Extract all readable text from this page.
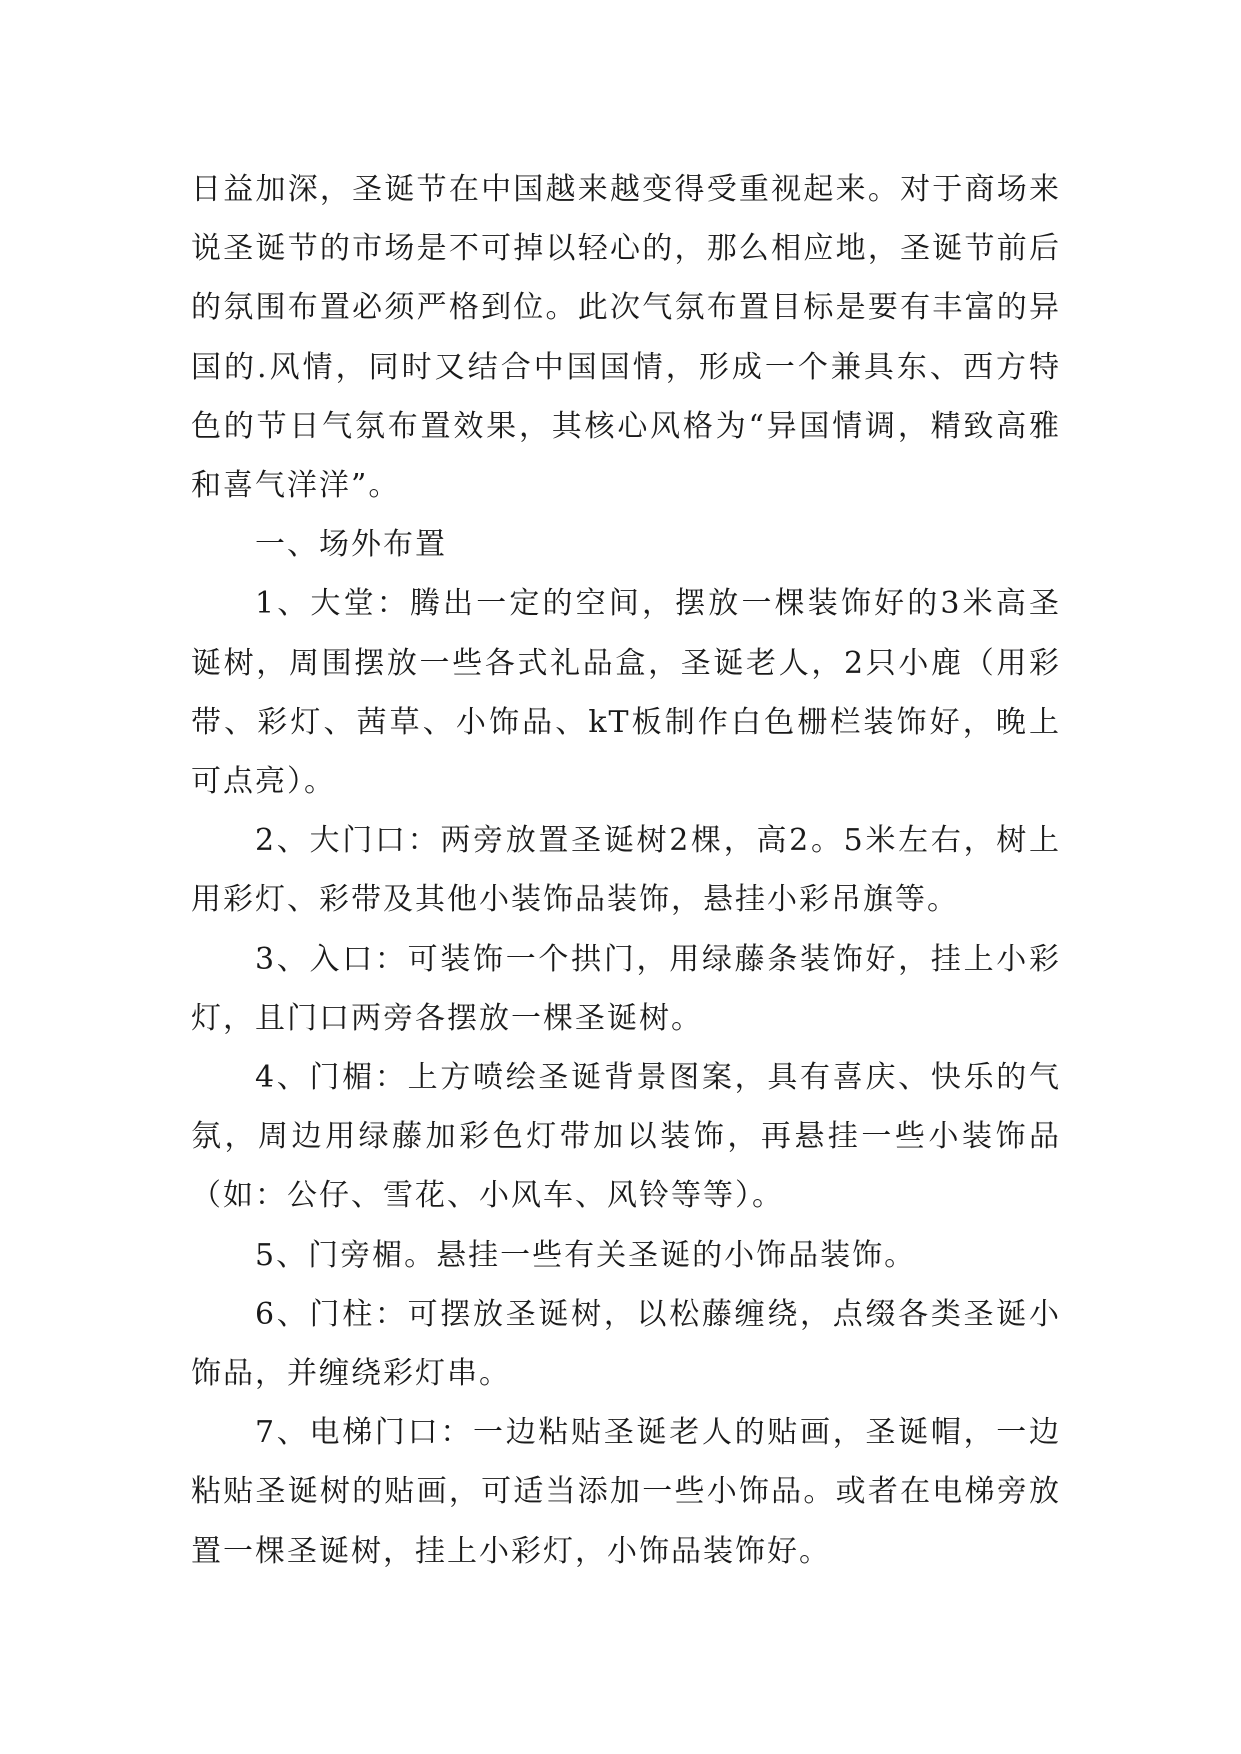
日益加深，圣诞节在中国越来越变得受重视起来。对于商场来说圣诞节的市场是不可掉以轻心的，那么相应地，圣诞节前后的氛围布置必须严格到位。此次气氛布置目标是要有丰富的异国的.风情，同时又结合中国国情，形成一个兼具东、西方特色的节日气氛布置效果，其核心风格为“异国情调，精致高雅和喜气洋洋”。

一、场外布置

1、大堂：腾出一定的空间，摆放一棵装饰好的3米高圣诞树，周围摆放一些各式礼品盒，圣诞老人，2只小鹿（用彩带、彩灯、茜草、小饰品、kT板制作白色栅栏装饰好，晚上可点亮）。

2、大门口：两旁放置圣诞树2棵，高2。5米左右，树上用彩灯、彩带及其他小装饰品装饰，悬挂小彩吊旗等。

3、入口：可装饰一个拱门，用绿藤条装饰好，挂上小彩灯，且门口两旁各摆放一棵圣诞树。

4、门楣：上方喷绘圣诞背景图案，具有喜庆、快乐的气氛，周边用绿藤加彩色灯带加以装饰，再悬挂一些小装饰品（如：公仔、雪花、小风车、风铃等等）。

5、门旁楣。悬挂一些有关圣诞的小饰品装饰。

6、门柱：可摆放圣诞树，以松藤缠绕，点缀各类圣诞小饰品，并缠绕彩灯串。

7、电梯门口：一边粘贴圣诞老人的贴画，圣诞帽，一边粘贴圣诞树的贴画，可适当添加一些小饰品。或者在电梯旁放置一棵圣诞树，挂上小彩灯，小饰品装饰好。
